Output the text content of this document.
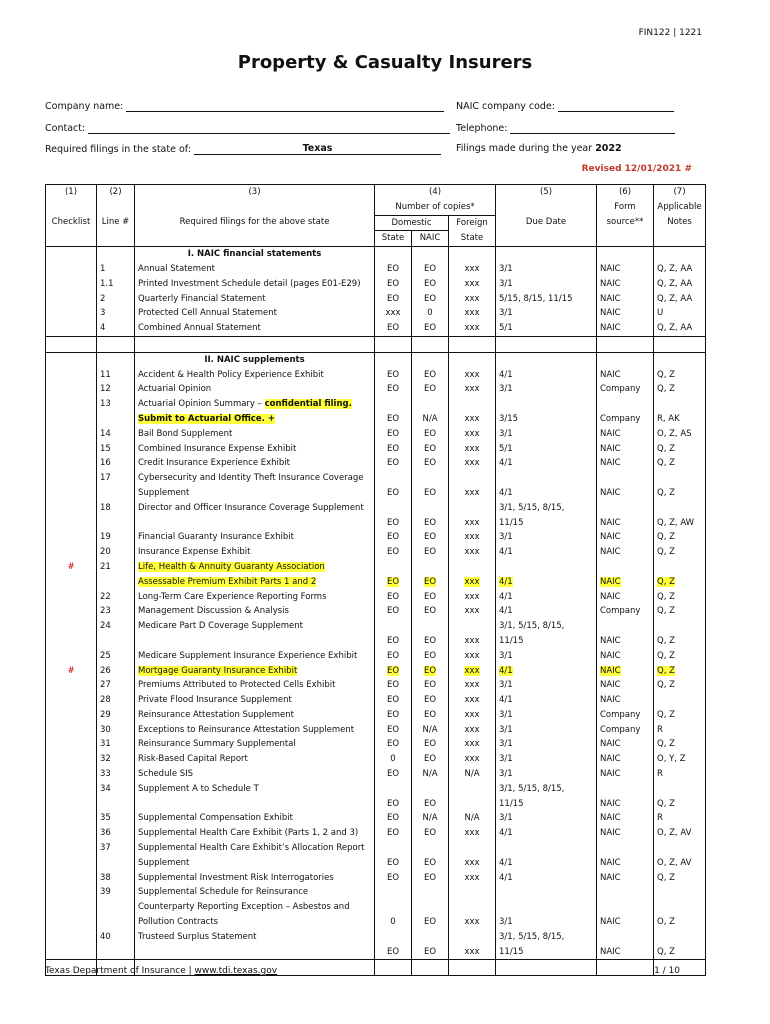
FIN122 | 1221
Property & Casualty Insurers
Company name:	NAIC company code:
Contact:	Telephone:
Required filings in the state of:	Texas	Filings made during the year 2022
Revised 12/01/2021 #
(1)	(2)	(3)	(4)			(5)	(6)	(7)
			Number of copies*				Form	Applicable
Checklist	Line #	Required filings for the above state	Domestic		Foreign	Due Date	source**	Notes
			State	NAIC	State			
		I. NAIC financial statements						
	1	Annual Statement	EO	EO	xxx	3/1	NAIC	Q, Z, AA
	1.1	Printed Investment Schedule detail (pages E01-E29)	EO	EO	xxx	3/1	NAIC	Q, Z, AA
	2	Quarterly Financial Statement	EO	EO	xxx	5/15, 8/15, 11/15	NAIC	Q, Z, AA
	3	Protected Cell Annual Statement	xxx	0	xxx	3/1	NAIC	U
	4	Combined Annual Statement	EO	EO	xxx	5/1	NAIC	Q, Z, AA

		II. NAIC supplements						
	11	Accident & Health Policy Experience Exhibit	EO	EO	xxx	4/1	NAIC	Q, Z
	12	Actuarial Opinion	EO	EO	xxx	3/1	Company	Q, Z
	13	Actuarial Opinion Summary – confidential filing.						
		Submit to Actuarial Office. +	EO	N/A	xxx	3/15	Company	R, AK
	14	Bail Bond Supplement	EO	EO	xxx	3/1	NAIC	O, Z, AS
	15	Combined Insurance Expense Exhibit	EO	EO	xxx	5/1	NAIC	Q, Z
	16	Credit Insurance Experience Exhibit	EO	EO	xxx	4/1	NAIC	Q, Z
	17	Cybersecurity and Identity Theft Insurance Coverage						
		Supplement	EO	EO	xxx	4/1	NAIC	Q, Z
	18	Director and Officer Insurance Coverage Supplement				3/1, 5/15, 8/15,		
			EO	EO	xxx	11/15	NAIC	Q, Z, AW
	19	Financial Guaranty Insurance Exhibit	EO	EO	xxx	3/1	NAIC	Q, Z
	20	Insurance Expense Exhibit	EO	EO	xxx	4/1	NAIC	Q, Z
#	21	Life, Health & Annuity Guaranty Association						
		Assessable Premium Exhibit Parts 1 and 2	EO	EO	xxx	4/1	NAIC	Q, Z
	22	Long-Term Care Experience Reporting Forms	EO	EO	xxx	4/1	NAIC	Q, Z
	23	Management Discussion & Analysis	EO	EO	xxx	4/1	Company	Q, Z
	24	Medicare Part D Coverage Supplement				3/1, 5/15, 8/15,		
			EO	EO	xxx	11/15	NAIC	Q, Z
	25	Medicare Supplement Insurance Experience Exhibit	EO	EO	xxx	3/1	NAIC	Q, Z
#	26	Mortgage Guaranty Insurance Exhibit	EO	EO	xxx	4/1	NAIC	Q, Z
	27	Premiums Attributed to Protected Cells Exhibit	EO	EO	xxx	3/1	NAIC	Q, Z
	28	Private Flood Insurance Supplement	EO	EO	xxx	4/1	NAIC	
	29	Reinsurance Attestation Supplement	EO	EO	xxx	3/1	Company	Q, Z
	30	Exceptions to Reinsurance Attestation Supplement	EO	N/A	xxx	3/1	Company	R
	31	Reinsurance Summary Supplemental	EO	EO	xxx	3/1	NAIC	Q, Z
	32	Risk-Based Capital Report	0	EO	xxx	3/1	NAIC	O, Y, Z
	33	Schedule SIS	EO	N/A	N/A	3/1	NAIC	R
	34	Supplement A to Schedule T				3/1, 5/15, 8/15,		
			EO	EO		11/15	NAIC	Q, Z
	35	Supplemental Compensation Exhibit	EO	N/A	N/A	3/1	NAIC	R
	36	Supplemental Health Care Exhibit (Parts 1, 2 and 3)	EO	EO	xxx	4/1	NAIC	O, Z, AV
	37	Supplemental Health Care Exhibit’s Allocation Report						
		Supplement	EO	EO	xxx	4/1	NAIC	O, Z, AV
	38	Supplemental Investment Risk Interrogatories	EO	EO	xxx	4/1	NAIC	Q, Z
	39	Supplemental Schedule for Reinsurance						
		Counterparty Reporting Exception – Asbestos and						
		Pollution Contracts	0	EO	xxx	3/1	NAIC	O, Z
	40	Trusteed Surplus Statement				3/1, 5/15, 8/15,		
			EO	EO	xxx	11/15	NAIC	Q, Z

Texas Department of Insurance | www.tdi.texas.gov	1 / 10
